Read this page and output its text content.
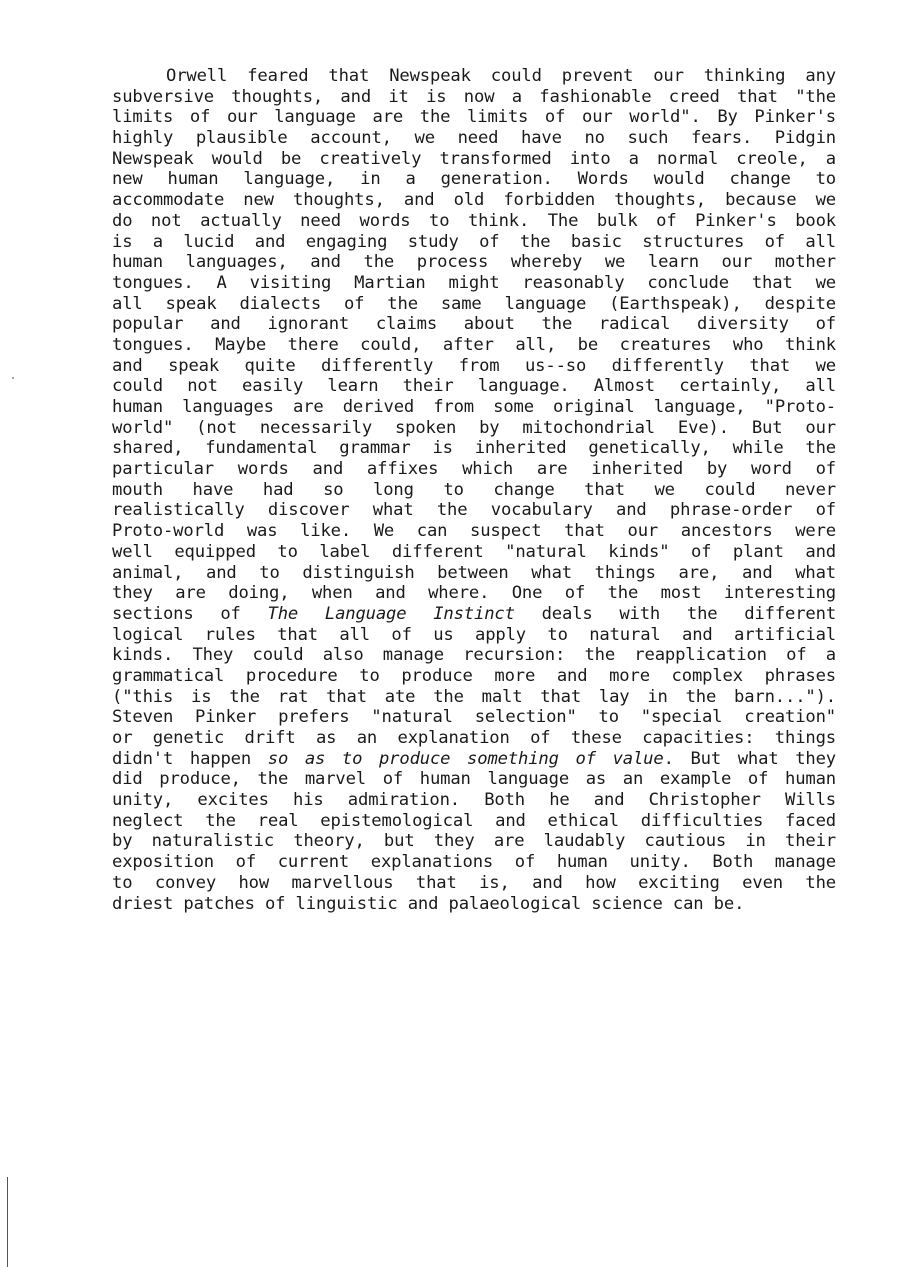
Orwell feared that Newspeak could prevent our thinking any
subversive thoughts, and it is now a fashionable creed that "the
limits of our language are the limits of our world". By Pinker's
highly plausible account, we need have no such fears. Pidgin
Newspeak would be creatively transformed into a normal creole, a
new human language, in a generation. Words would change to
accommodate new thoughts, and old forbidden thoughts, because we
do not actually need words to think. The bulk of Pinker's book
is a lucid and engaging study of the basic structures of all
human languages, and the process whereby we learn our mother
tongues. A visiting Martian might reasonably conclude that we
all speak dialects of the same language (Earthspeak), despite
popular and ignorant claims about the radical diversity of
tongues. Maybe there could, after all, be creatures who think
and speak quite differently from us--so differently that we
could not easily learn their language. Almost certainly, all
human languages are derived from some original language, "Proto-
world" (not necessarily spoken by mitochondrial Eve). But our
shared, fundamental grammar is inherited genetically, while the
particular words and affixes which are inherited by word of
mouth have had so long to change that we could never
realistically discover what the vocabulary and phrase-order of
Proto-world was like. We can suspect that our ancestors were
well equipped to label different "natural kinds" of plant and
animal, and to distinguish between what things are, and what
they are doing, when and where. One of the most interesting
sections of The Language Instinct deals with the different
logical rules that all of us apply to natural and artificial
kinds. They could also manage recursion: the reapplication of a
grammatical procedure to produce more and more complex phrases
("this is the rat that ate the malt that lay in the barn...").
Steven Pinker prefers "natural selection" to "special creation"
or genetic drift as an explanation of these capacities: things
didn't happen so as to produce something of value. But what they
did produce, the marvel of human language as an example of human
unity, excites his admiration. Both he and Christopher Wills
neglect the real epistemological and ethical difficulties faced
by naturalistic theory, but they are laudably cautious in their
exposition of current explanations of human unity. Both manage
to convey how marvellous that is, and how exciting even the
driest patches of linguistic and palaeological science can be.
